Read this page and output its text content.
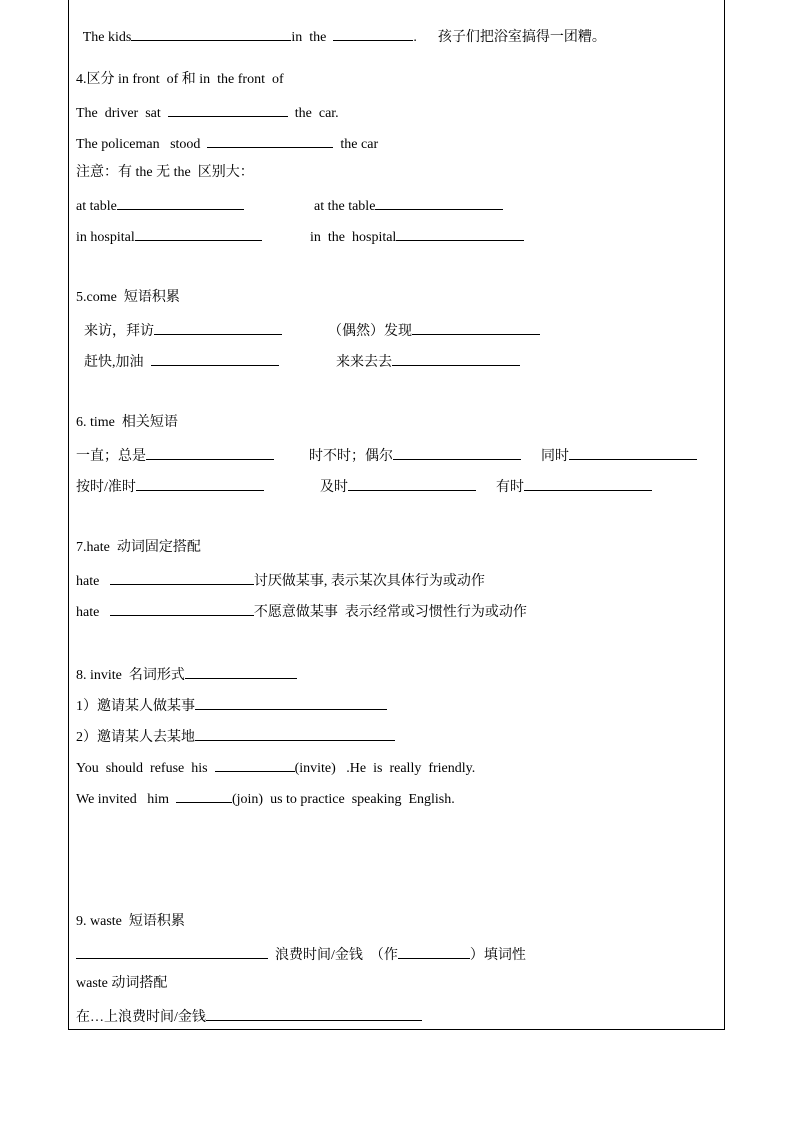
The kids	in  the	. 孩子们把浴室搞得一团糟。

4.区分 in front  of 和 in  the front  of
The  driver  sat	the  car.
The policeman   stood	the car
注意：有 the 无 the  区别大：
at table	at the table
in hospital	in  the  hospital
5.come  短语积累
来访，拜访	（偶然）发现
赶快,加油	来来去去
6. time  相关短语
一直；总是	时不时；偶尔	同时
按时/准时	及时	有时
7.hate  动词固定搭配
hate	讨厌做某事, 表示某次具体行为或动作
hate	不愿意做某事  表示经常或习惯性行为或动作
8. invite  名词形式
1）邀请某人做某事
2）邀请某人去某地
You  should  refuse  his	(invite)   .He  is  really  friendly.
We invited   him	(join)  us to practice  speaking  English.
9. waste  短语积累
浪费时间/金钱  （作	）填词性
waste 动词搭配
在…上浪费时间/金钱
